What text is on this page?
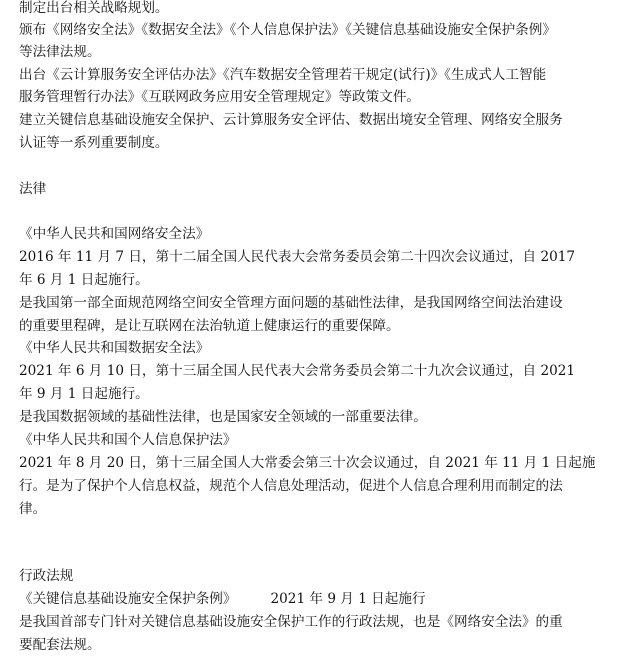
制定出台相关战略规划。
颁布《网络安全法》《数据安全法》《个人信息保护法》《关键信息基础设施安全保护条例》
等法律法规。
出台《云计算服务安全评估办法》《汽车数据安全管理若干规定(试行)》《生成式人工智能
服务管理暂行办法》《互联网政务应用安全管理规定》等政策文件。
建立关键信息基础设施安全保护、云计算服务安全评估、数据出境安全管理、网络安全服务
认证等一系列重要制度。
法律
《中华人民共和国网络安全法》
2016 年 11 月 7 日，第十二届全国人民代表大会常务委员会第二十四次会议通过，自 2017
年 6 月 1 日起施行。
是我国第一部全面规范网络空间安全管理方面问题的基础性法律，是我国网络空间法治建设
的重要里程碑，是让互联网在法治轨道上健康运行的重要保障。
《中华人民共和国数据安全法》
2021 年 6 月 10 日，第十三届全国人民代表大会常务委员会第二十九次会议通过，自 2021
年 9 月 1 日起施行。
是我国数据领域的基础性法律，也是国家安全领域的一部重要法律。
《中华人民共和国个人信息保护法》
2021 年 8 月 20 日，第十三届全国人大常委会第三十次会议通过，自 2021 年 11 月 1 日起施
行。是为了保护个人信息权益，规范个人信息处理活动，促进个人信息合理利用而制定的法
律。
行政法规
《关键信息基础设施安全保护条例》	2021 年 9 月 1 日起施行
是我国首部专门针对关键信息基础设施安全保护工作的行政法规，也是《网络安全法》的重
要配套法规。
